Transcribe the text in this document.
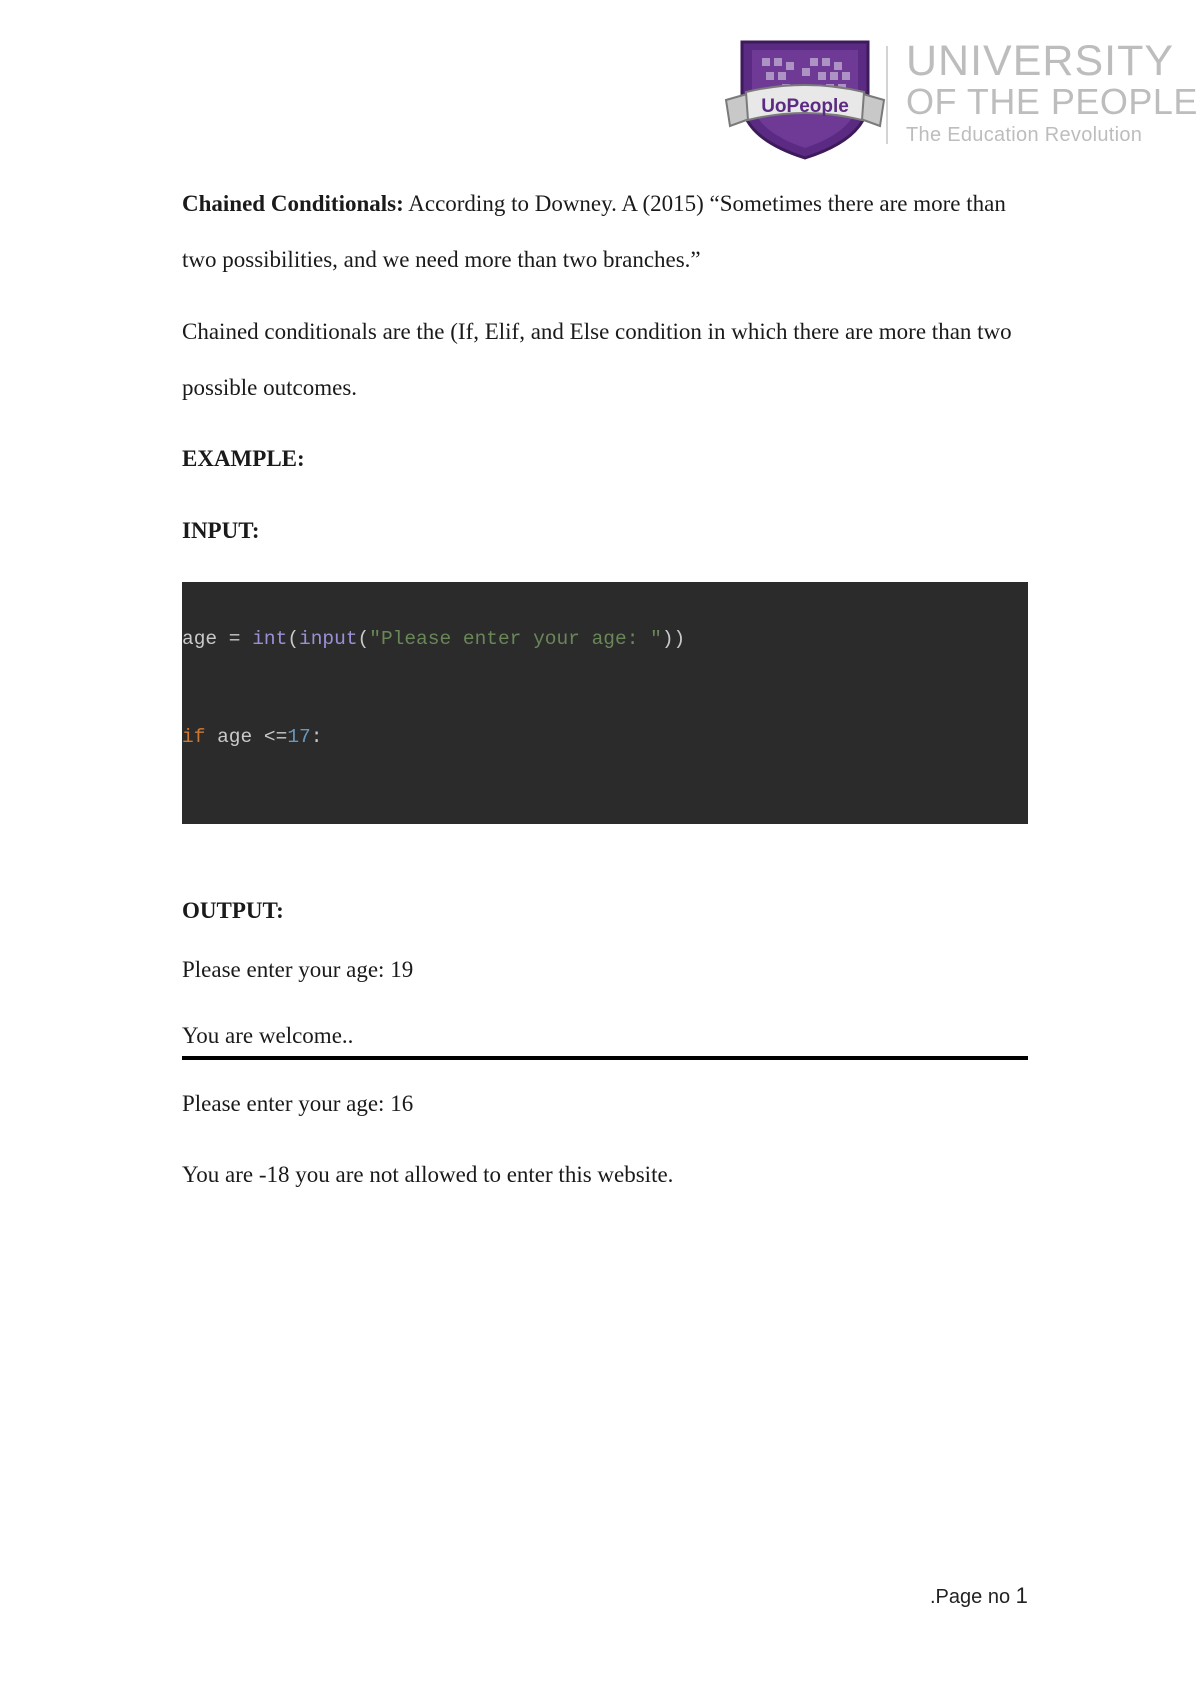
UoPeople
UNIVERSITY
OF THE PEOPLE
The Education Revolution

Chained Conditionals: According to Downey. A (2015) “Sometimes there are more than two possibilities, and we need more than two branches.”

Chained conditionals are the (If, Elif, and Else condition in which there are more than two possible outcomes.

EXAMPLE:
INPUT:

age = int(input("Please enter your age: "))

if age <=17:

OUTPUT:
Please enter your age: 19
You are welcome..
Please enter your age: 16
You are -18 you are not allowed to enter this website.
.Page no 1
